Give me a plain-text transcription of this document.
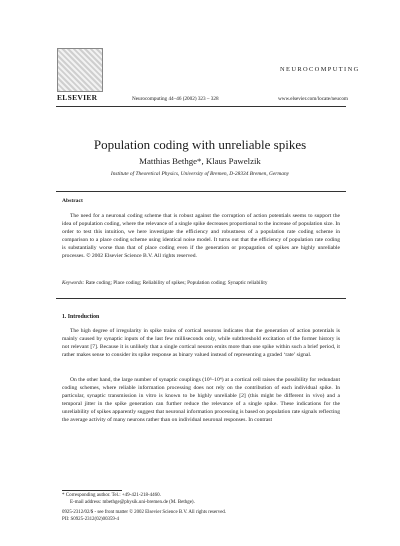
ELSEVIER
NEUROCOMPUTING
Neurocomputing 44–46 (2002) 323 – 328	www.elsevier.com/locate/neucom
Population coding with unreliable spikes
Matthias Bethge*, Klaus Pawelzik
Institute of Theoretical Physics, University of Bremen, D-28334 Bremen, Germany
Abstract
The need for a neuronal coding scheme that is robust against the corruption of action potentials seems to support the idea of population coding, where the relevance of a single spike decreases proportional to the increase of population size. In order to test this intuition, we here investigate the efficiency and robustness of a population rate coding scheme in comparison to a place coding scheme using identical noise model. It turns out that the efficiency of population rate coding is substantially worse than that of place coding even if the generation or propagation of spikes are highly unreliable processes. © 2002 Elsevier Science B.V. All rights reserved.
Keywords: Rate coding; Place coding; Reliability of spikes; Population coding; Synaptic reliability
1. Introduction
The high degree of irregularity in spike trains of cortical neurons indicates that the generation of action potentials is mainly caused by synaptic inputs of the last few milliseconds only, while subthreshold excitation of the former history is not relevant [7]. Because it is unlikely that a single cortical neuron emits more than one spike within such a brief period, it rather makes sense to consider its spike response as binary valued instead of representing a graded ‘rate’ signal.
On the other hand, the large number of synaptic couplings (10³–10⁴) at a cortical cell raises the possibility for redundant coding schemes, where reliable information processing does not rely on the contribution of each individual spike. In particular, synaptic transmission in vitro is known to be highly unreliable [2] (this might be different in vivo) and a temporal jitter in the spike generation can further reduce the relevance of a single spike. These indications for the unreliability of spikes apparently suggest that neuronal information processing is based on population rate signals reflecting the average activity of many neurons rather than on individual neuronal responses. In contrast
* Corresponding author. Tel.: +49-421-218-4460.
E-mail address: mbethge@physik.uni-bremen.de (M. Bethge).
0925-2312/02/$ - see front matter © 2002 Elsevier Science B.V. All rights reserved.
PII: S0925-2312(02)00359-4
